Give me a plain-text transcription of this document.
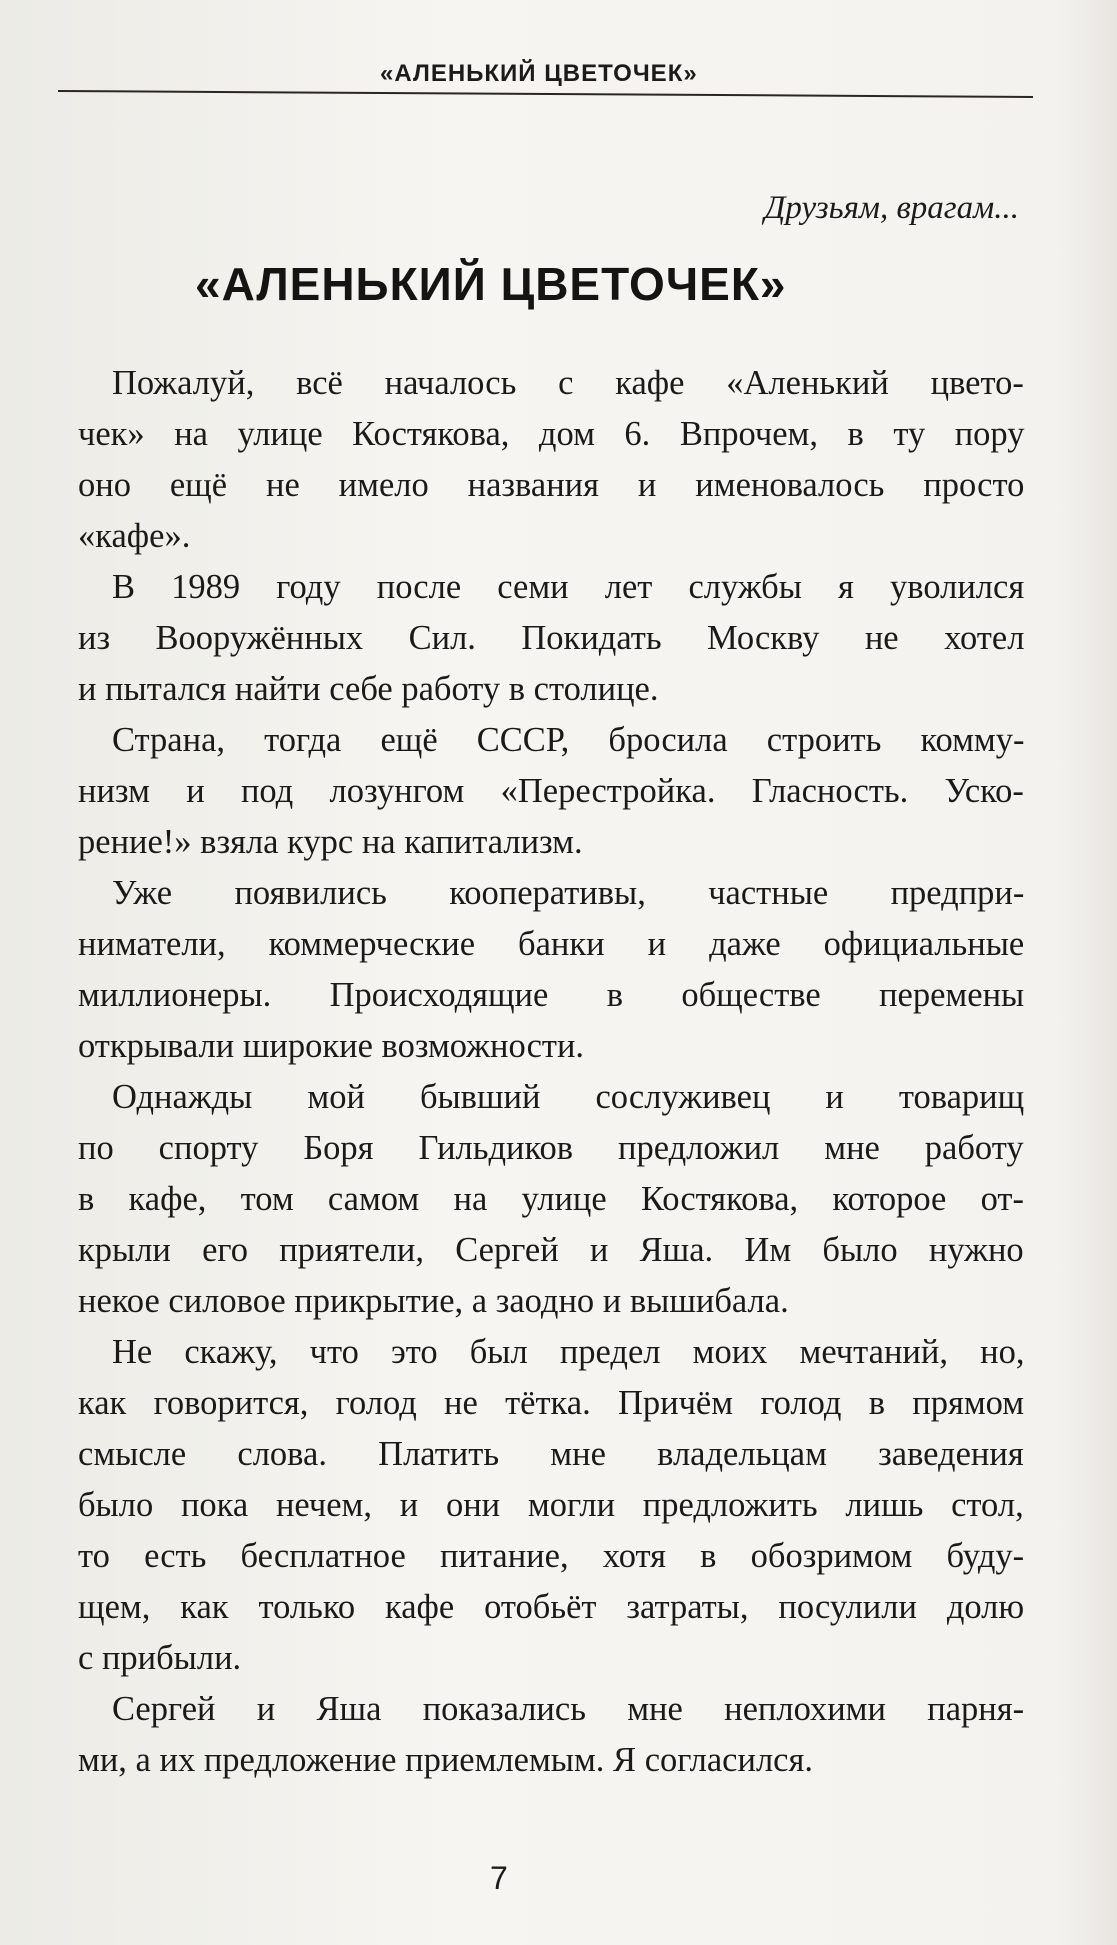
«АЛЕНЬКИЙ ЦВЕТОЧЕК»
Друзьям, врагам...
«АЛЕНЬКИЙ ЦВЕТОЧЕК»

Пожалуй, всё началось с кафе «Аленький цвето-
чек» на улице Костякова, дом 6. Впрочем, в ту пору
оно ещё не имело названия и именовалось просто
«кафе».

В 1989 году после семи лет службы я уволился
из Вооружённых Сил. Покидать Москву не хотел
и пытался найти себе работу в столице.

Страна, тогда ещё СССР, бросила строить комму-
низм и под лозунгом «Перестройка. Гласность. Уско-
рение!» взяла курс на капитализм.

Уже появились кооперативы, частные предпри-
ниматели, коммерческие банки и даже официальные
миллионеры. Происходящие в обществе перемены
открывали широкие возможности.

Однажды мой бывший сослуживец и товарищ
по спорту Боря Гильдиков предложил мне работу
в кафе, том самом на улице Костякова, которое от-
крыли его приятели, Сергей и Яша. Им было нужно
некое силовое прикрытие, а заодно и вышибала.

Не скажу, что это был предел моих мечтаний, но,
как говорится, голод не тётка. Причём голод в прямом
смысле слова. Платить мне владельцам заведения
было пока нечем, и они могли предложить лишь стол,
то есть бесплатное питание, хотя в обозримом буду-
щем, как только кафе отобьёт затраты, посулили долю
с прибыли.

Сергей и Яша показались мне неплохими парня-
ми, а их предложение приемлемым. Я согласился.

7
